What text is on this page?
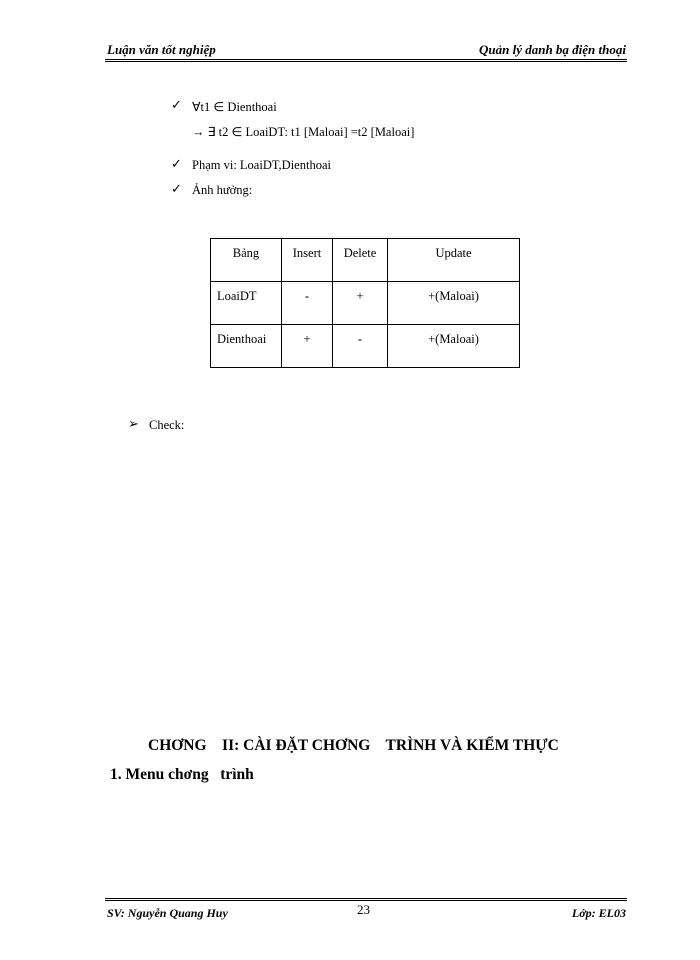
Luận văn tốt nghiệp	Quản lý danh bạ điện thoại
✓ ∀t1 ∈ Dienthoai
→ ∃ t2 ∈ LoaiDT: t1 [Maloai] =t2 [Maloai]
✓ Phạm vi: LoaiDT,Dienthoai
✓ Ảnh hưởng:
Bảng	Insert	Delete	Update
LoaiDT	-	+	+(Maloai)
Dienthoai	+	-	+(Maloai)
➢ Check:
CHƠNG    II: CÀI ĐẶT CHƠNG    TRÌNH VÀ KIỂM THỰC
1. Menu chơng   trình
SV: Nguyễn Quang Huy	23	Lớp: EL03
